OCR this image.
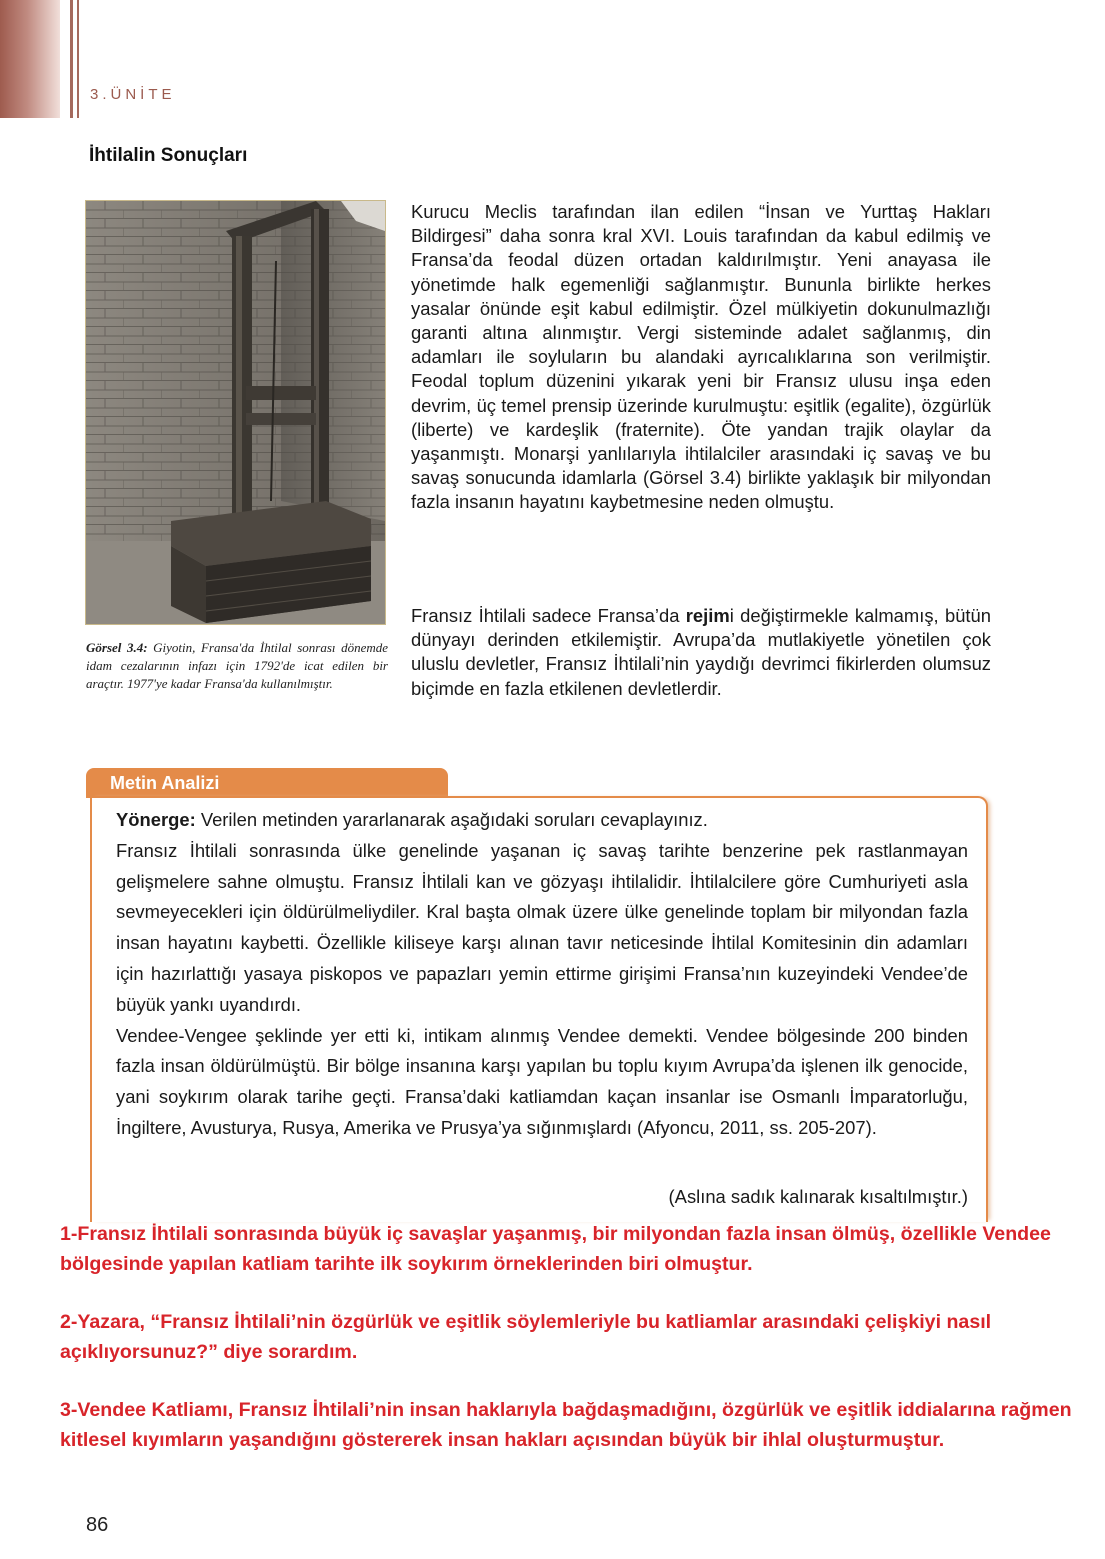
3.ÜNİTE
İhtilalin Sonuçları
Görsel 3.4: Giyotin, Fransa'da İhtilal sonrası dönemde idam cezalarının infazı için 1792'de icat edilen bir araçtır. 1977'ye kadar Fransa'da kullanılmıştır.

Kurucu Meclis tarafından ilan edilen “İnsan ve Yurttaş Hakları Bildirgesi” daha sonra kral XVI. Louis tarafından da kabul edilmiş ve Fransa’da feodal düzen ortadan kaldırılmıştır. Yeni anayasa ile yönetimde halk egemenliği sağlanmıştır. Bununla birlikte herkes yasalar önünde eşit kabul edilmiştir. Özel mülkiyetin dokunulmazlığı garanti altına alınmıştır. Vergi sisteminde adalet sağlanmış, din adamları ile soyluların bu alandaki ayrıcalıklarına son verilmiştir. Feodal toplum düzenini yıkarak yeni bir Fransız ulusu inşa eden devrim, üç temel prensip üzerinde kurulmuştu: eşitlik (egalite), özgürlük (liberte) ve kardeşlik (fraternite). Öte yandan trajik olaylar da yaşanmıştı. Monarşi yanlılarıyla ihtilalciler arasındaki iç savaş ve bu savaş sonucunda idamlarla (Görsel 3.4) birlikte yaklaşık bir milyondan fazla insanın hayatını kaybetmesine neden olmuştu.

Fransız İhtilali sadece Fransa’da rejimi değiştirmekle kalmamış, bütün dünyayı derinden etkilemiştir. Avrupa’da mutlakiyetle yönetilen çok uluslu devletler, Fransız İhtilali’nin yaydığı devrimci fikirlerden olumsuz biçimde en fazla etkilenen devletlerdir.

Metin Analizi

Yönerge: Verilen metinden yararlanarak aşağıdaki soruları cevaplayınız.

Fransız İhtilali sonrasında ülke genelinde yaşanan iç savaş tarihte benzerine pek rastlanmayan gelişmelere sahne olmuştu. Fransız İhtilali kan ve gözyaşı ihtilalidir. İhtilalcilere göre Cumhuriyeti asla sevmeyecekleri için öldürülmeliydiler. Kral başta olmak üzere ülke genelinde toplam bir milyondan fazla insan hayatını kaybetti. Özellikle kiliseye karşı alınan tavır neticesinde İhtilal Komitesinin din adamları için hazırlattığı yasaya piskopos ve papazları yemin ettirme girişimi Fransa’nın kuzeyindeki Vendee’de büyük yankı uyandırdı.

Vendee-Vengee şeklinde yer etti ki, intikam alınmış Vendee demekti. Vendee bölgesinde 200 binden fazla insan öldürülmüştü. Bir bölge insanına karşı yapılan bu toplu kıyım Avrupa’da işlenen ilk genocide, yani soykırım olarak tarihe geçti. Fransa’daki katliamdan kaçan insanlar ise Osmanlı İmparatorluğu, İngiltere, Avusturya, Rusya, Amerika ve Prusya’ya sığınmışlardı (Afyoncu, 2011, ss. 205-207).

(Aslına sadık kalınarak kısaltılmıştır.)

1-Fransız İhtilali sonrasında büyük iç savaşlar yaşanmış, bir milyondan fazla insan ölmüş, özellikle Vendee bölgesinde yapılan katliam tarihte ilk soykırım örneklerinden biri olmuştur.

2-Yazara, “Fransız İhtilali’nin özgürlük ve eşitlik söylemleriyle bu katliamlar arasındaki çelişkiyi nasıl açıklıyorsunuz?” diye sorardım.

3-Vendee Katliamı, Fransız İhtilali’nin insan haklarıyla bağdaşmadığını, özgürlük ve eşitlik iddialarına rağmen kitlesel kıyımların yaşandığını göstererek insan hakları açısından büyük bir ihlal oluşturmuştur.

86
